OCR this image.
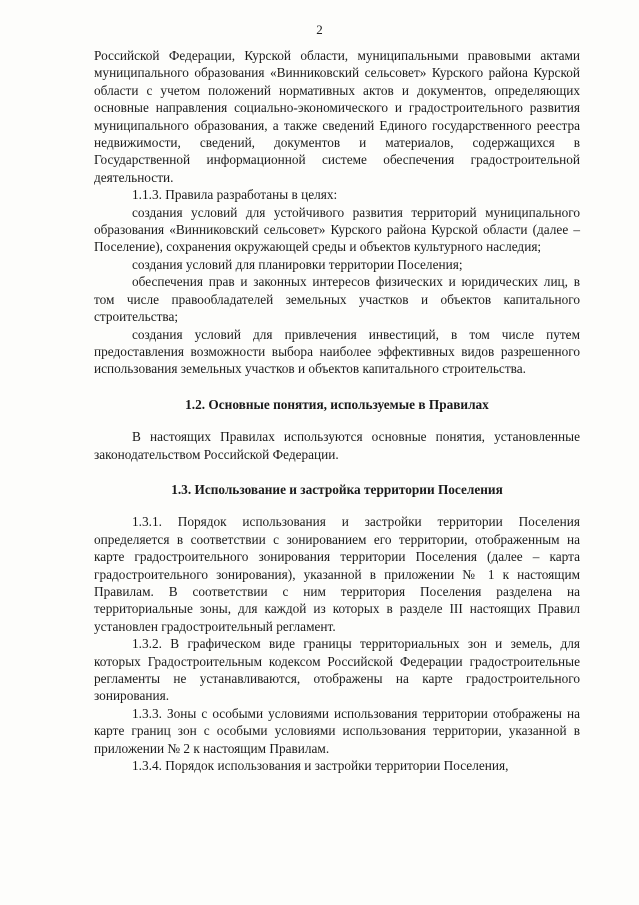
2

Российской Федерации, Курской области, муниципальными правовыми актами муниципального образования «Винниковский сельсовет» Курского района Курской области с учетом положений нормативных актов и документов, определяющих основные направления социально-экономического и градостроительного развития муниципального образования, а также сведений Единого государственного реестра недвижимости, сведений, документов и материалов, содержащихся в Государственной информационной системе обеспечения градостроительной деятельности.

1.1.3. Правила разработаны в целях:

создания условий для устойчивого развития территорий муниципального образования «Винниковский сельсовет» Курского района Курской области (далее – Поселение), сохранения окружающей среды и объектов культурного наследия;

создания условий для планировки территории Поселения;

обеспечения прав и законных интересов физических и юридических лиц, в том числе правообладателей земельных участков и объектов капитального строительства;

создания условий для привлечения инвестиций, в том числе путем предоставления возможности выбора наиболее эффективных видов разрешенного использования земельных участков и объектов капитального строительства.

1.2. Основные понятия, используемые в Правилах

В настоящих Правилах используются основные понятия, установленные законодательством Российской Федерации.

1.3. Использование и застройка территории Поселения

1.3.1. Порядок использования и застройки территории Поселения определяется в соответствии с зонированием его территории, отображенным на карте градостроительного зонирования территории Поселения (далее – карта градостроительного зонирования), указанной в приложении № 1 к настоящим Правилам. В соответствии с ним территория Поселения разделена на территориальные зоны, для каждой из которых в разделе III настоящих Правил установлен градостроительный регламент.

1.3.2. В графическом виде границы территориальных зон и земель, для которых Градостроительным кодексом Российской Федерации градостроительные регламенты не устанавливаются, отображены на карте градостроительного зонирования.

1.3.3. Зоны с особыми условиями использования территории отображены на карте границ зон с особыми условиями использования территории, указанной в приложении № 2 к настоящим Правилам.

1.3.4. Порядок использования и застройки территории Поселения,
